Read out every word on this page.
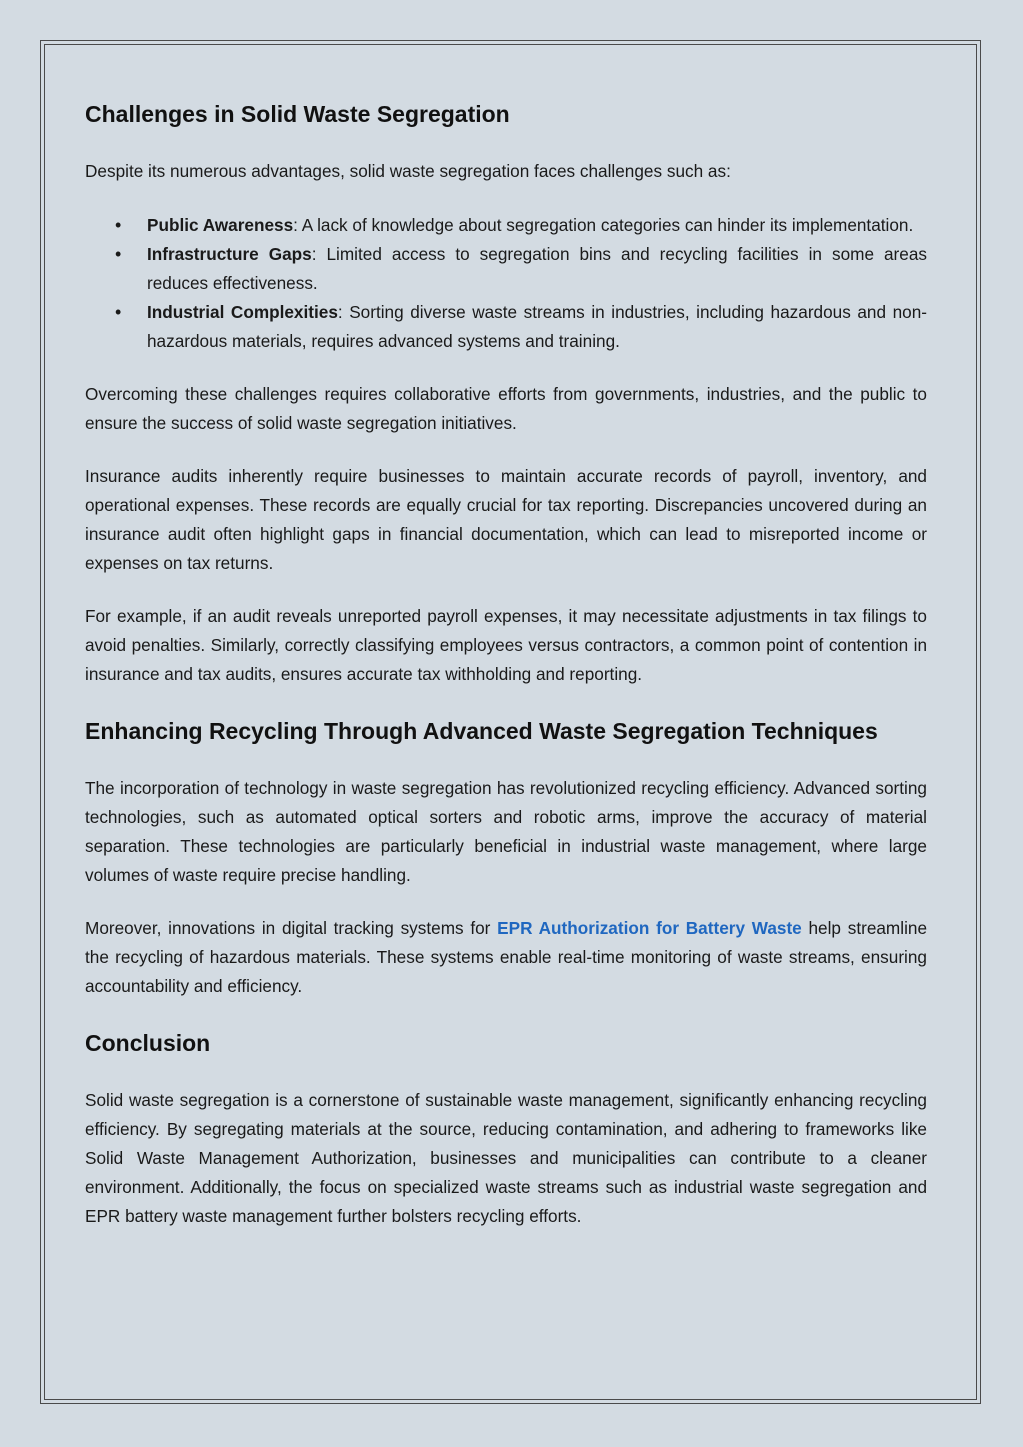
Challenges in Solid Waste Segregation

Despite its numerous advantages, solid waste segregation faces challenges such as:

• Public Awareness: A lack of knowledge about segregation categories can hinder its implementation.
• Infrastructure Gaps: Limited access to segregation bins and recycling facilities in some areas reduces effectiveness.
• Industrial Complexities: Sorting diverse waste streams in industries, including hazardous and non-hazardous materials, requires advanced systems and training.

Overcoming these challenges requires collaborative efforts from governments, industries, and the public to ensure the success of solid waste segregation initiatives.

Insurance audits inherently require businesses to maintain accurate records of payroll, inventory, and operational expenses. These records are equally crucial for tax reporting. Discrepancies uncovered during an insurance audit often highlight gaps in financial documentation, which can lead to misreported income or expenses on tax returns.

For example, if an audit reveals unreported payroll expenses, it may necessitate adjustments in tax filings to avoid penalties. Similarly, correctly classifying employees versus contractors, a common point of contention in insurance and tax audits, ensures accurate tax withholding and reporting.

Enhancing Recycling Through Advanced Waste Segregation Techniques

The incorporation of technology in waste segregation has revolutionized recycling efficiency. Advanced sorting technologies, such as automated optical sorters and robotic arms, improve the accuracy of material separation. These technologies are particularly beneficial in industrial waste management, where large volumes of waste require precise handling.

Moreover, innovations in digital tracking systems for EPR Authorization for Battery Waste help streamline the recycling of hazardous materials. These systems enable real-time monitoring of waste streams, ensuring accountability and efficiency.

Conclusion

Solid waste segregation is a cornerstone of sustainable waste management, significantly enhancing recycling efficiency. By segregating materials at the source, reducing contamination, and adhering to frameworks like Solid Waste Management Authorization, businesses and municipalities can contribute to a cleaner environment. Additionally, the focus on specialized waste streams such as industrial waste segregation and EPR battery waste management further bolsters recycling efforts.
